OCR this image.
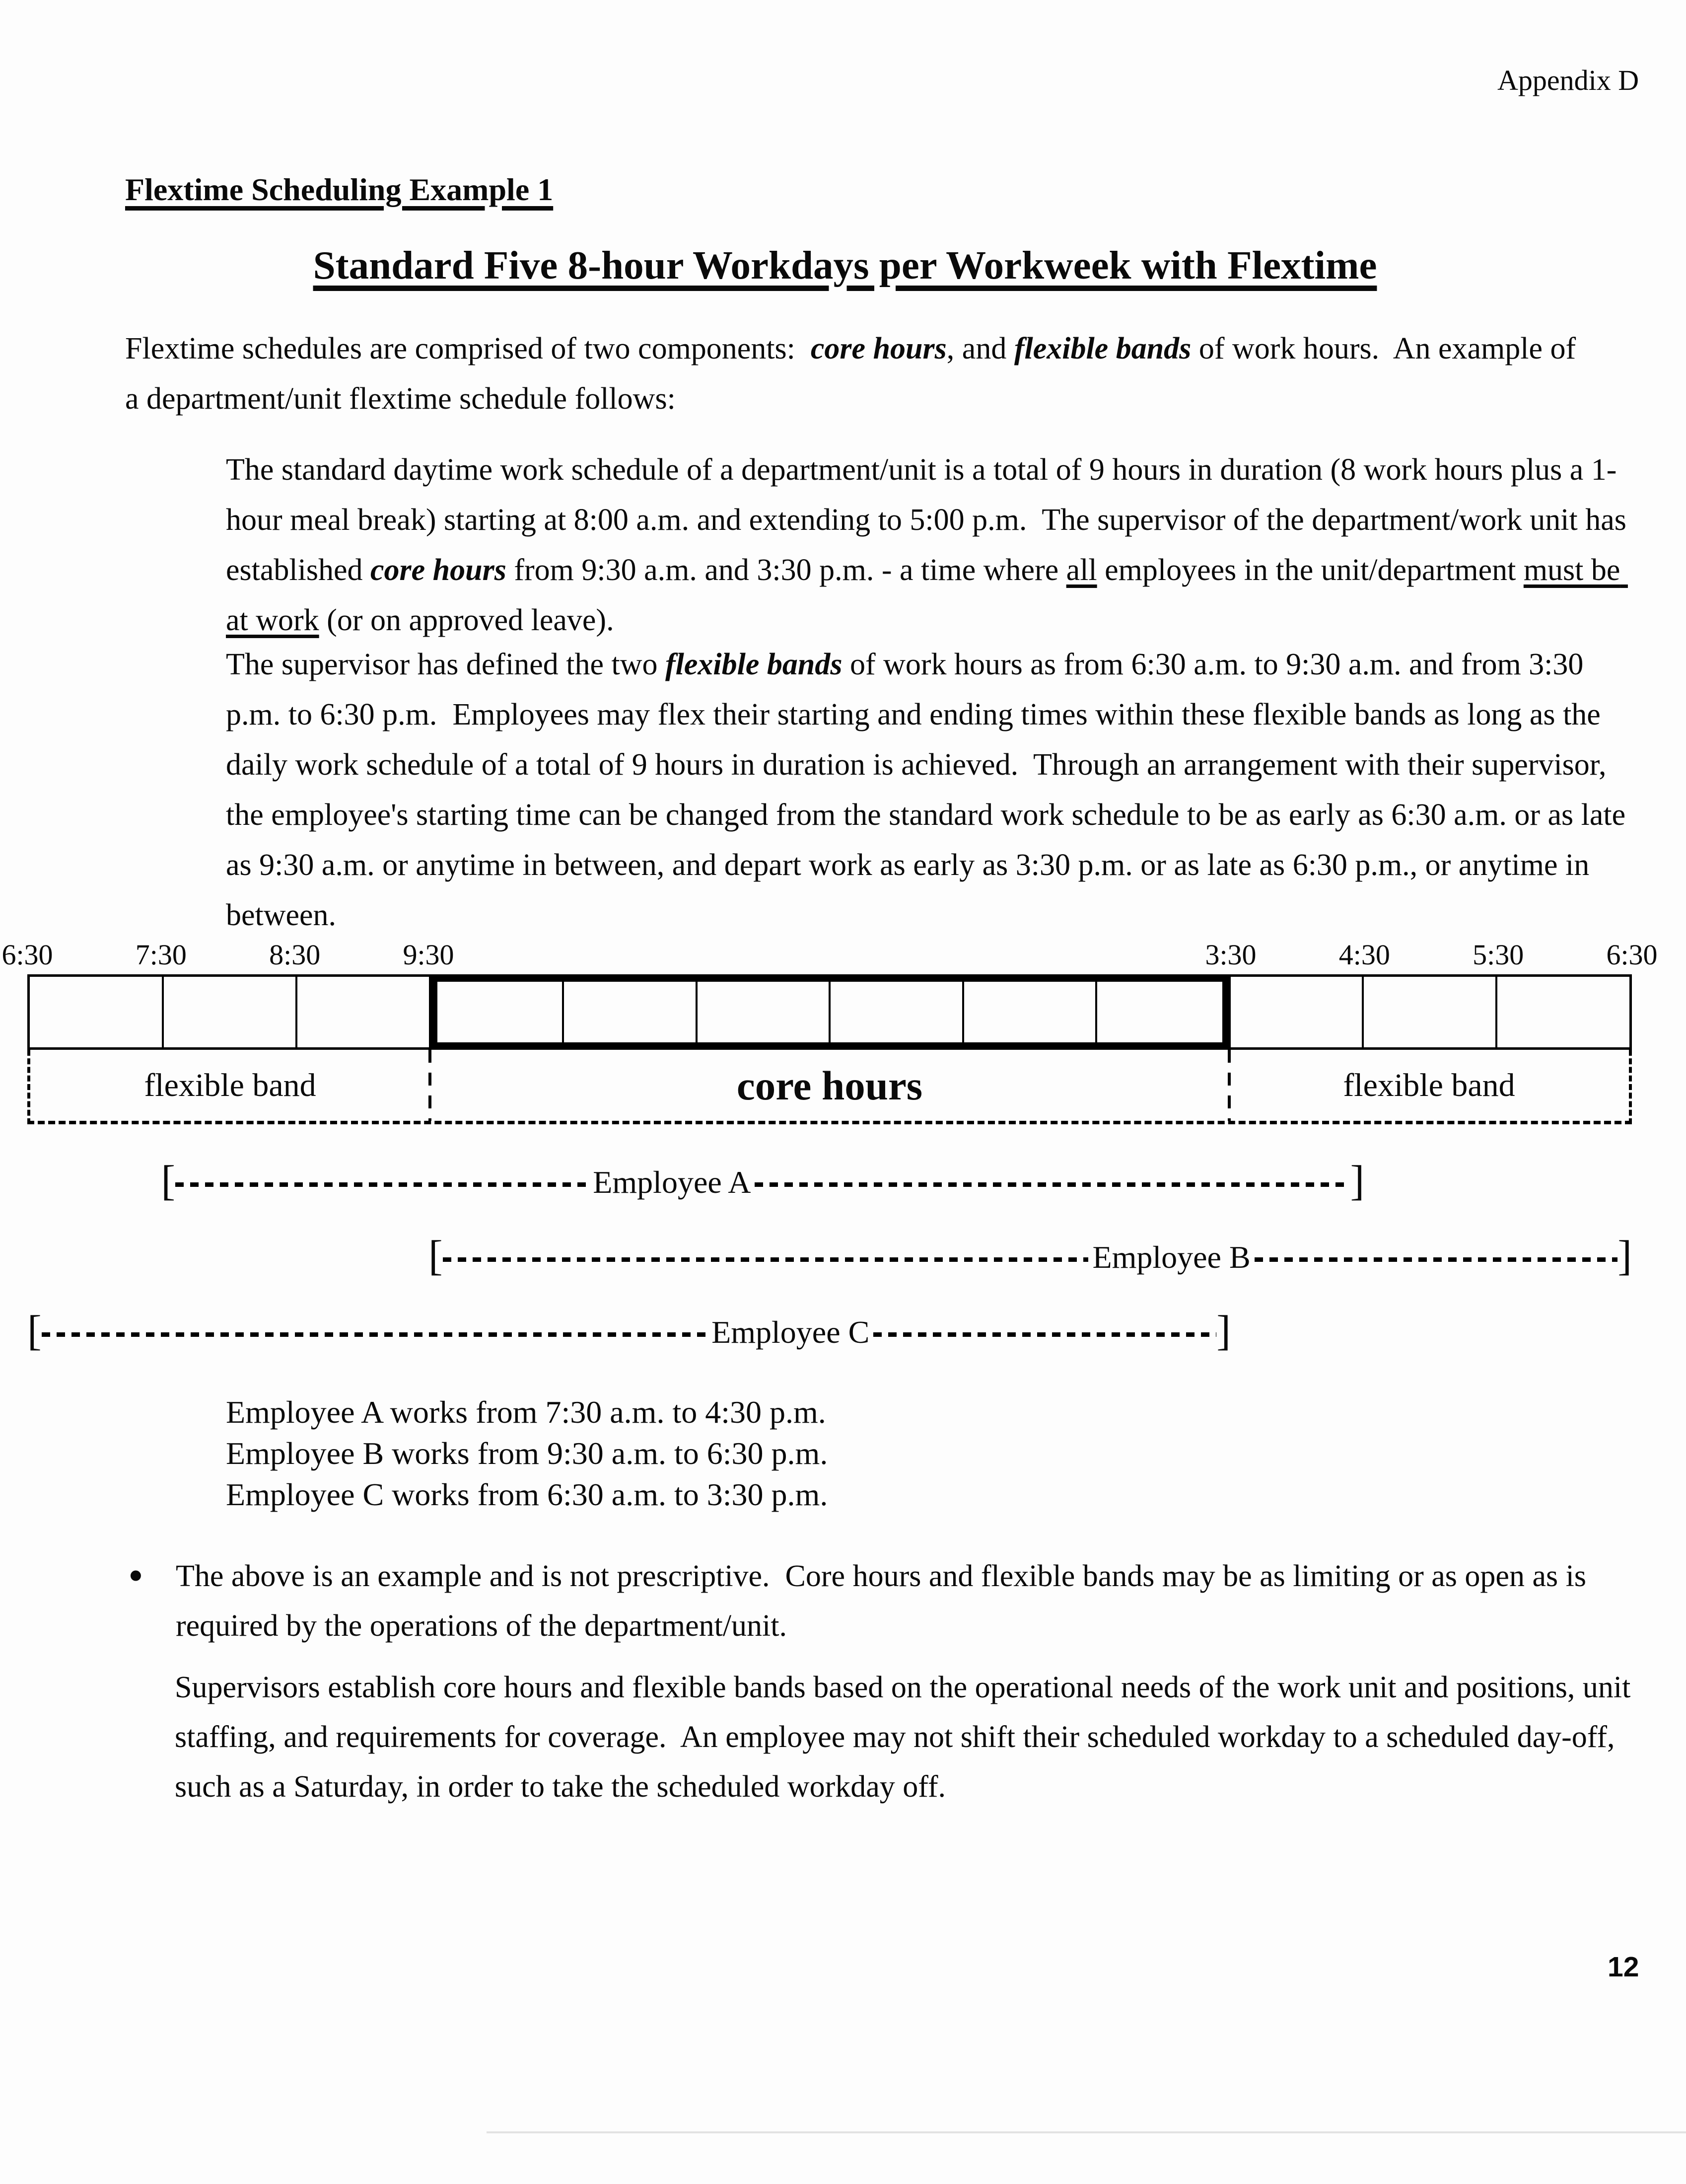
Appendix D
Flextime Scheduling Example 1
Standard Five 8-hour Workdays per Workweek with Flextime
Flextime schedules are comprised of two components:  core hours, and flexible bands of work hours.  An example of a department/unit flextime schedule follows:
The standard daytime work schedule of a department/unit is a total of 9 hours in duration (8 work hours plus a 1-hour meal break) starting at 8:00 a.m. and extending to 5:00 p.m.  The supervisor of the department/work unit has established core hours from 9:30 a.m. and 3:30 p.m. - a time where all employees in the unit/department must be at work (or on approved leave).
The supervisor has defined the two flexible bands of work hours as from 6:30 a.m. to 9:30 a.m. and from 3:30 p.m. to 6:30 p.m.  Employees may flex their starting and ending times within these flexible bands as long as the daily work schedule of a total of 9 hours in duration is achieved.  Through an arrangement with their supervisor, the employee's starting time can be changed from the standard work schedule to be as early as 6:30 a.m. or as late as 9:30 a.m. or anytime in between, and depart work as early as 3:30 p.m. or as late as 6:30 p.m., or anytime in between.
6:30	7:30	8:30	9:30	3:30	4:30	5:30	6:30
flexible band	core hours	flexible band
[	Employee A	]
[	Employee B	]
[	Employee C	]
Employee A works from 7:30 a.m. to 4:30 p.m.
Employee B works from 9:30 a.m. to 6:30 p.m.
Employee C works from 6:30 a.m. to 3:30 p.m.
•	The above is an example and is not prescriptive.  Core hours and flexible bands may be as limiting or as open as is required by the operations of the department/unit.
Supervisors establish core hours and flexible bands based on the operational needs of the work unit and positions, unit staffing, and requirements for coverage.  An employee may not shift their scheduled workday to a scheduled day-off, such as a Saturday, in order to take the scheduled workday off.
12
